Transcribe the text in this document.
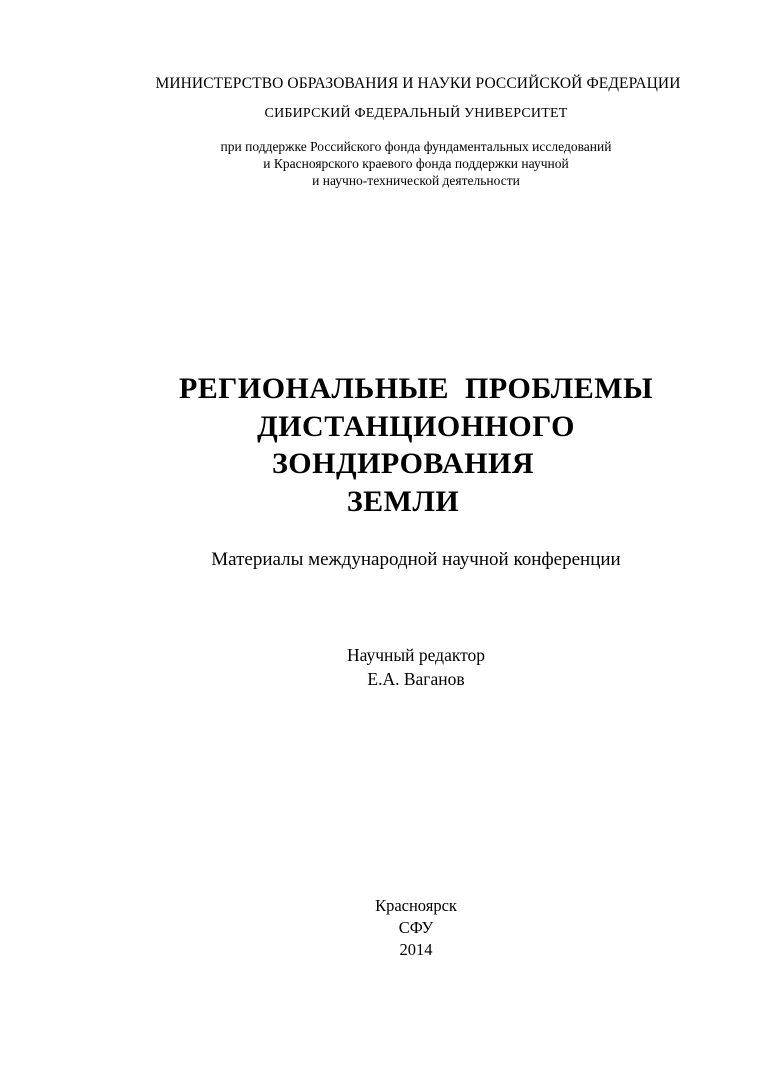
МИНИСТЕРСТВО ОБРАЗОВАНИЯ И НАУКИ РОССИЙСКОЙ ФЕДЕРАЦИИ
СИБИРСКИЙ ФЕДЕРАЛЬНЫЙ УНИВЕРСИТЕТ
при поддержке Российского фонда фундаментальных исследований
и Красноярского краевого фонда поддержки научной
и научно-технической деятельности
РЕГИОНАЛЬНЫЕ  ПРОБЛЕМЫ
ДИСТАНЦИОННОГО
ЗОНДИРОВАНИЯ
ЗЕМЛИ
Материалы международной научной конференции
Научный редактор
Е.А. Ваганов
Красноярск
СФУ
2014
